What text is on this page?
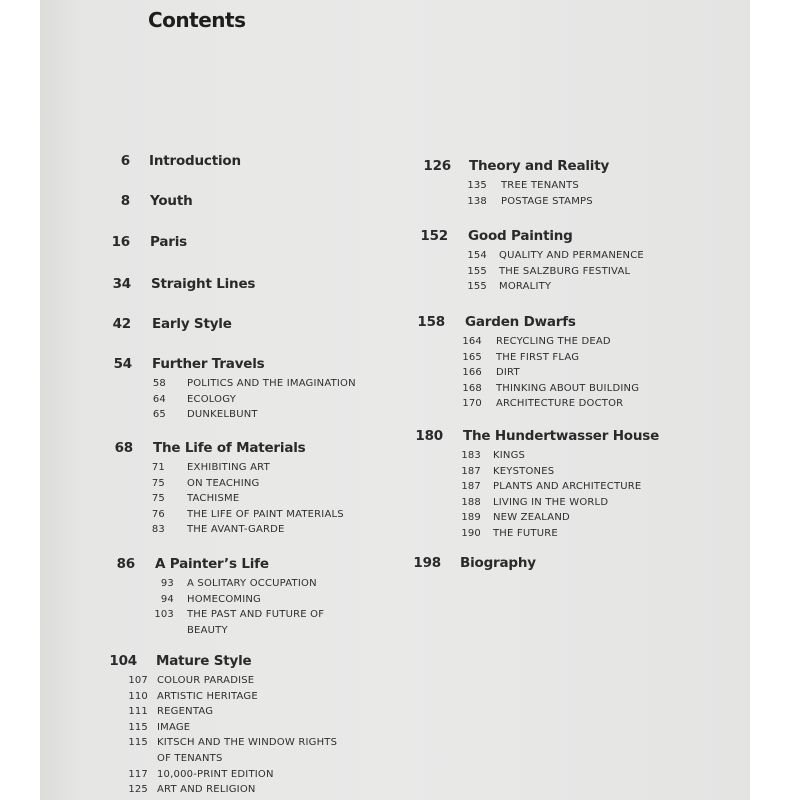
Contents
6 Introduction
8 Youth
16 Paris
34 Straight Lines
42 Early Style
54 Further Travels
58 POLITICS AND THE IMAGINATION
64 ECOLOGY
65 DUNKELBUNT
68 The Life of Materials
71 EXHIBITING ART
75 ON TEACHING
75 TACHISME
76 THE LIFE OF PAINT MATERIALS
83 THE AVANT-GARDE
86 A Painter’s Life
93 A SOLITARY OCCUPATION
94 HOMECOMING
103 THE PAST AND FUTURE OF
BEAUTY
104 Mature Style
107 COLOUR PARADISE
110 ARTISTIC HERITAGE
111 REGENTAG
115 IMAGE
115 KITSCH AND THE WINDOW RIGHTS
OF TENANTS
117 10,000-PRINT EDITION
125 ART AND RELIGION
126 Theory and Reality
135 TREE TENANTS
138 POSTAGE STAMPS
152 Good Painting
154 QUALITY AND PERMANENCE
155 THE SALZBURG FESTIVAL
155 MORALITY
158 Garden Dwarfs
164 RECYCLING THE DEAD
165 THE FIRST FLAG
166 DIRT
168 THINKING ABOUT BUILDING
170 ARCHITECTURE DOCTOR
180 The Hundertwasser House
183 KINGS
187 KEYSTONES
187 PLANTS AND ARCHITECTURE
188 LIVING IN THE WORLD
189 NEW ZEALAND
190 THE FUTURE
198 Biography
